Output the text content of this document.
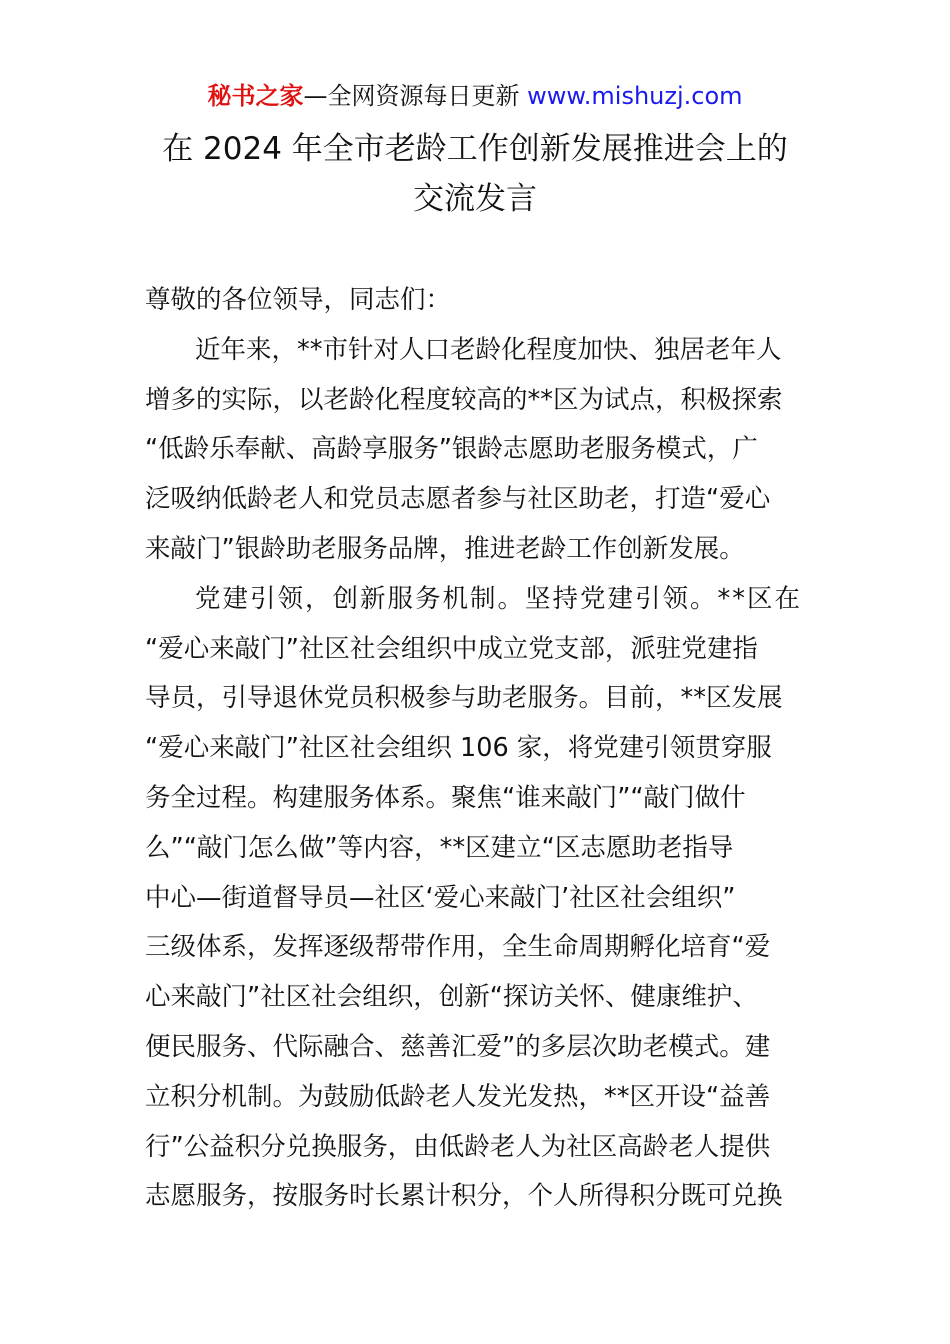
秘书之家—全网资源每日更新 www.mishuzj.com
在 2024 年全市老龄工作创新发展推进会上的
交流发言
尊敬的各位领导，同志们：
近年来，**市针对人口老龄化程度加快、独居老年人
增多的实际，以老龄化程度较高的**区为试点，积极探索
“低龄乐奉献、高龄享服务”银龄志愿助老服务模式，广
泛吸纳低龄老人和党员志愿者参与社区助老，打造“爱心
来敲门”银龄助老服务品牌，推进老龄工作创新发展。
党建引领，创新服务机制。坚持党建引领。**区在
“爱心来敲门”社区社会组织中成立党支部，派驻党建指
导员，引导退休党员积极参与助老服务。目前，**区发展
“爱心来敲门”社区社会组织 106 家，将党建引领贯穿服
务全过程。构建服务体系。聚焦“谁来敲门”“敲门做什
么”“敲门怎么做”等内容，**区建立“区志愿助老指导
中心—街道督导员—社区‘爱心来敲门’社区社会组织”
三级体系，发挥逐级帮带作用，全生命周期孵化培育“爱
心来敲门”社区社会组织，创新“探访关怀、健康维护、
便民服务、代际融合、慈善汇爱”的多层次助老模式。建
立积分机制。为鼓励低龄老人发光发热，**区开设“益善
行”公益积分兑换服务，由低龄老人为社区高龄老人提供
志愿服务，按服务时长累计积分，个人所得积分既可兑换
